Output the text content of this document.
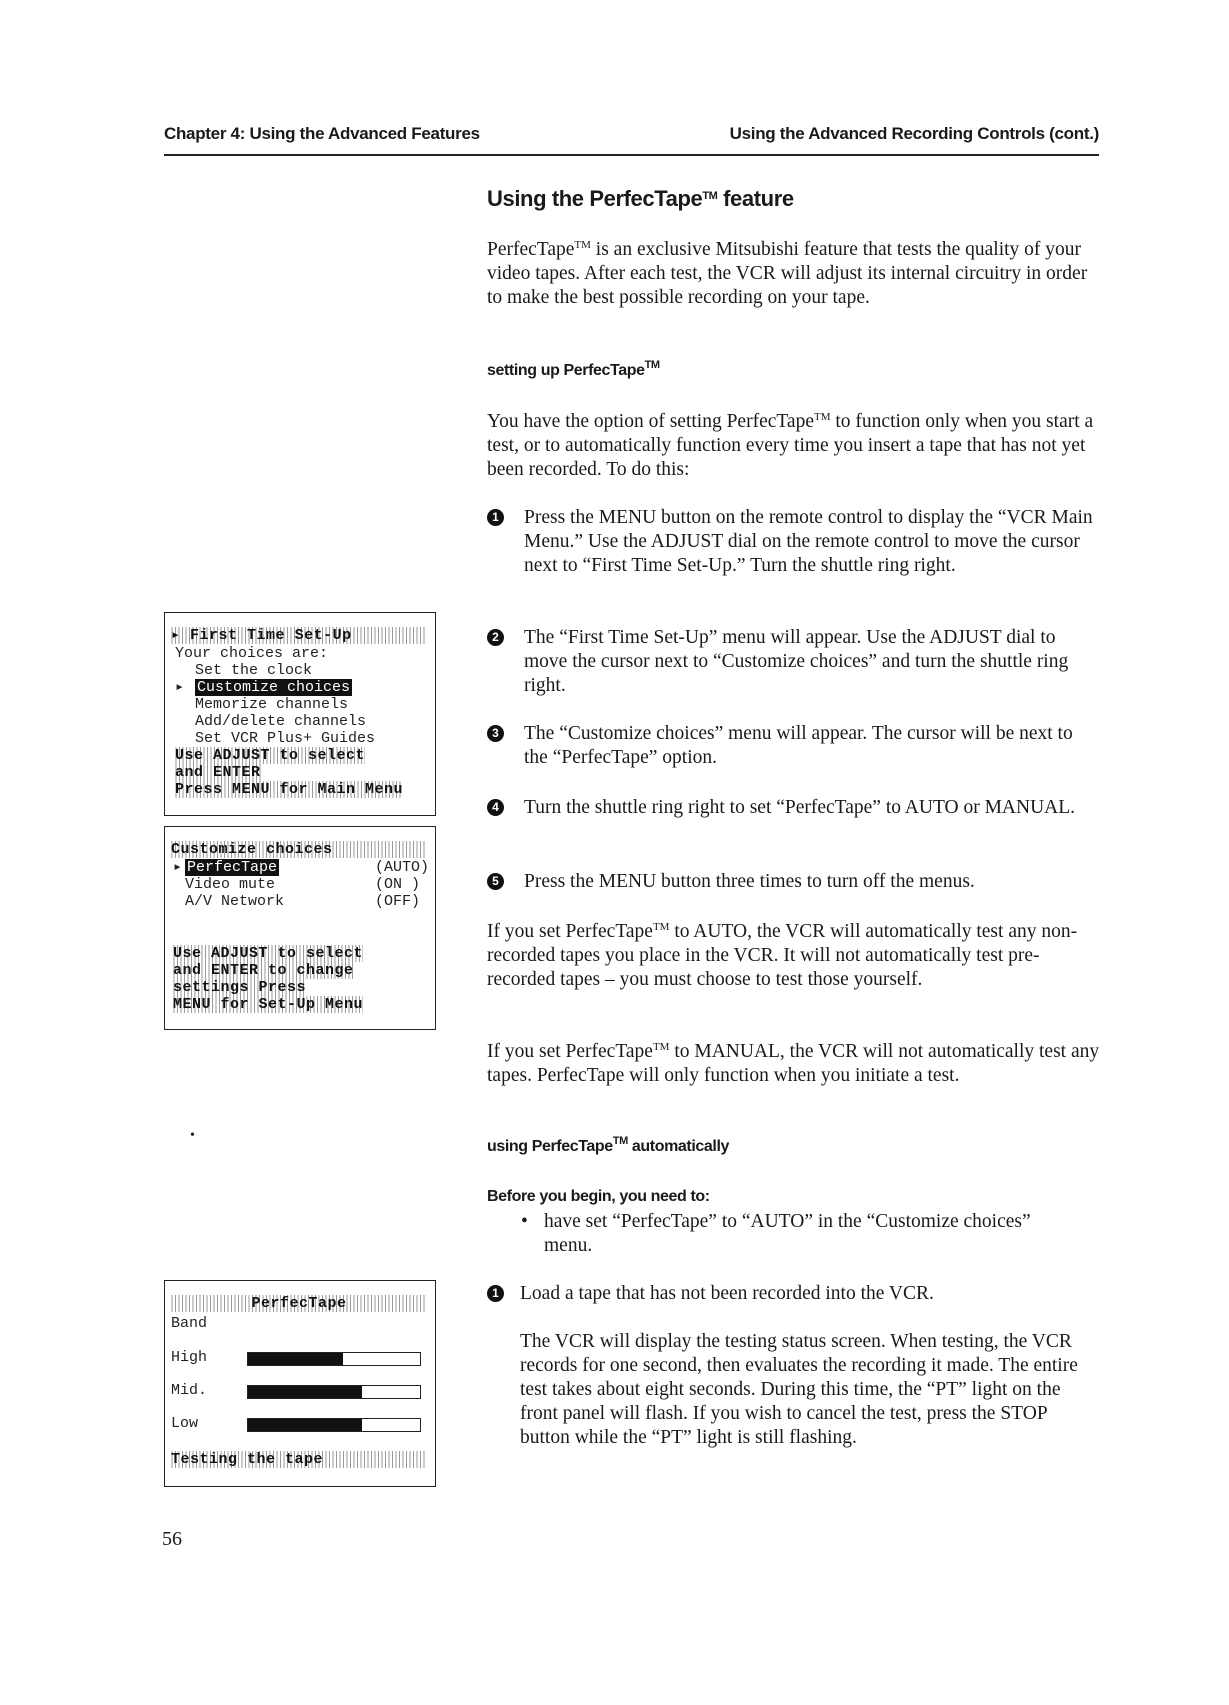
Chapter 4: Using the Advanced Features	Using the Advanced Recording Controls (cont.)
Using the PerfecTape™ feature
PerfecTape™ is an exclusive Mitsubishi feature that tests the quality of your video tapes. After each test, the VCR will adjust its internal circuitry in order to make the best possible recording on your tape.
setting up PerfecTape™
You have the option of setting PerfecTape™ to function only when you start a test, or to automatically function every time you insert a tape that has not yet been recorded. To do this:
1 Press the MENU button on the remote control to display the “VCR Main Menu.” Use the ADJUST dial on the remote control to move the cursor next to “First Time Set-Up.” Turn the shuttle ring right.
2 The “First Time Set-Up” menu will appear. Use the ADJUST dial to move the cursor next to “Customize choices” and turn the shuttle ring right.
3 The “Customize choices” menu will appear. The cursor will be next to the “PerfecTape” option.
4 Turn the shuttle ring right to set “PerfecTape” to AUTO or MANUAL.
5 Press the MENU button three times to turn off the menus.
If you set PerfecTape™ to AUTO, the VCR will automatically test any non-recorded tapes you place in the VCR. It will not automatically test pre-recorded tapes – you must choose to test those yourself.
If you set PerfecTape™ to MANUAL, the VCR will not automatically test any tapes. PerfecTape will only function when you initiate a test.
using PerfecTape™ automatically
Before you begin, you need to:
• have set “PerfecTape” to “AUTO” in the “Customize choices” menu.
1 Load a tape that has not been recorded into the VCR.
The VCR will display the testing status screen. When testing, the VCR records for one second, then evaluates the recording it made. The entire test takes about eight seconds. During this time, the “PT” light on the front panel will flash. If you wish to cancel the test, press the STOP button while the “PT” light is still flashing.
▸ First Time Set-Up
Your choices are:
Set the clock
▸ Customize choices
Memorize channels
Add/delete channels
Set VCR Plus+ Guides
Use ADJUST to select
and ENTER
Press MENU for Main Menu
Customize choices
▸ PerfecTape	(AUTO)
Video mute	(ON )
A/V Network	(OFF)
Use ADJUST to select
and ENTER to change
settings Press
MENU for Set-Up Menu
PerfecTape
Band
High
Mid.
Low
Testing the tape
•
56
